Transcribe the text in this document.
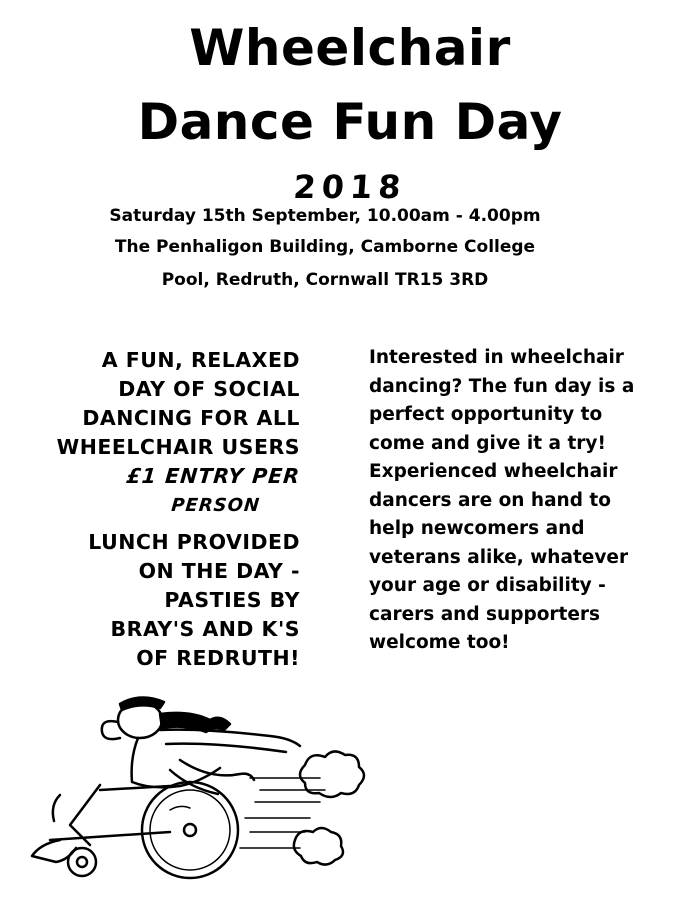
Wheelchair
Dance Fun Day
2018
Saturday 15th September, 10.00am - 4.00pm
The Penhaligon Building, Camborne College
Pool, Redruth, Cornwall TR15 3RD
A FUN, RELAXED
DAY OF SOCIAL
DANCING FOR ALL
WHEELCHAIR USERS
£1 ENTRY PER
PERSON
LUNCH PROVIDED
ON THE DAY -
PASTIES BY
BRAY'S AND K'S
OF REDRUTH!
Interested in wheelchair
dancing? The fun day is a
perfect opportunity to
come and give it a try!
Experienced wheelchair
dancers are on hand to
help newcomers and
veterans alike, whatever
your age or disability -
carers and supporters
welcome too!
